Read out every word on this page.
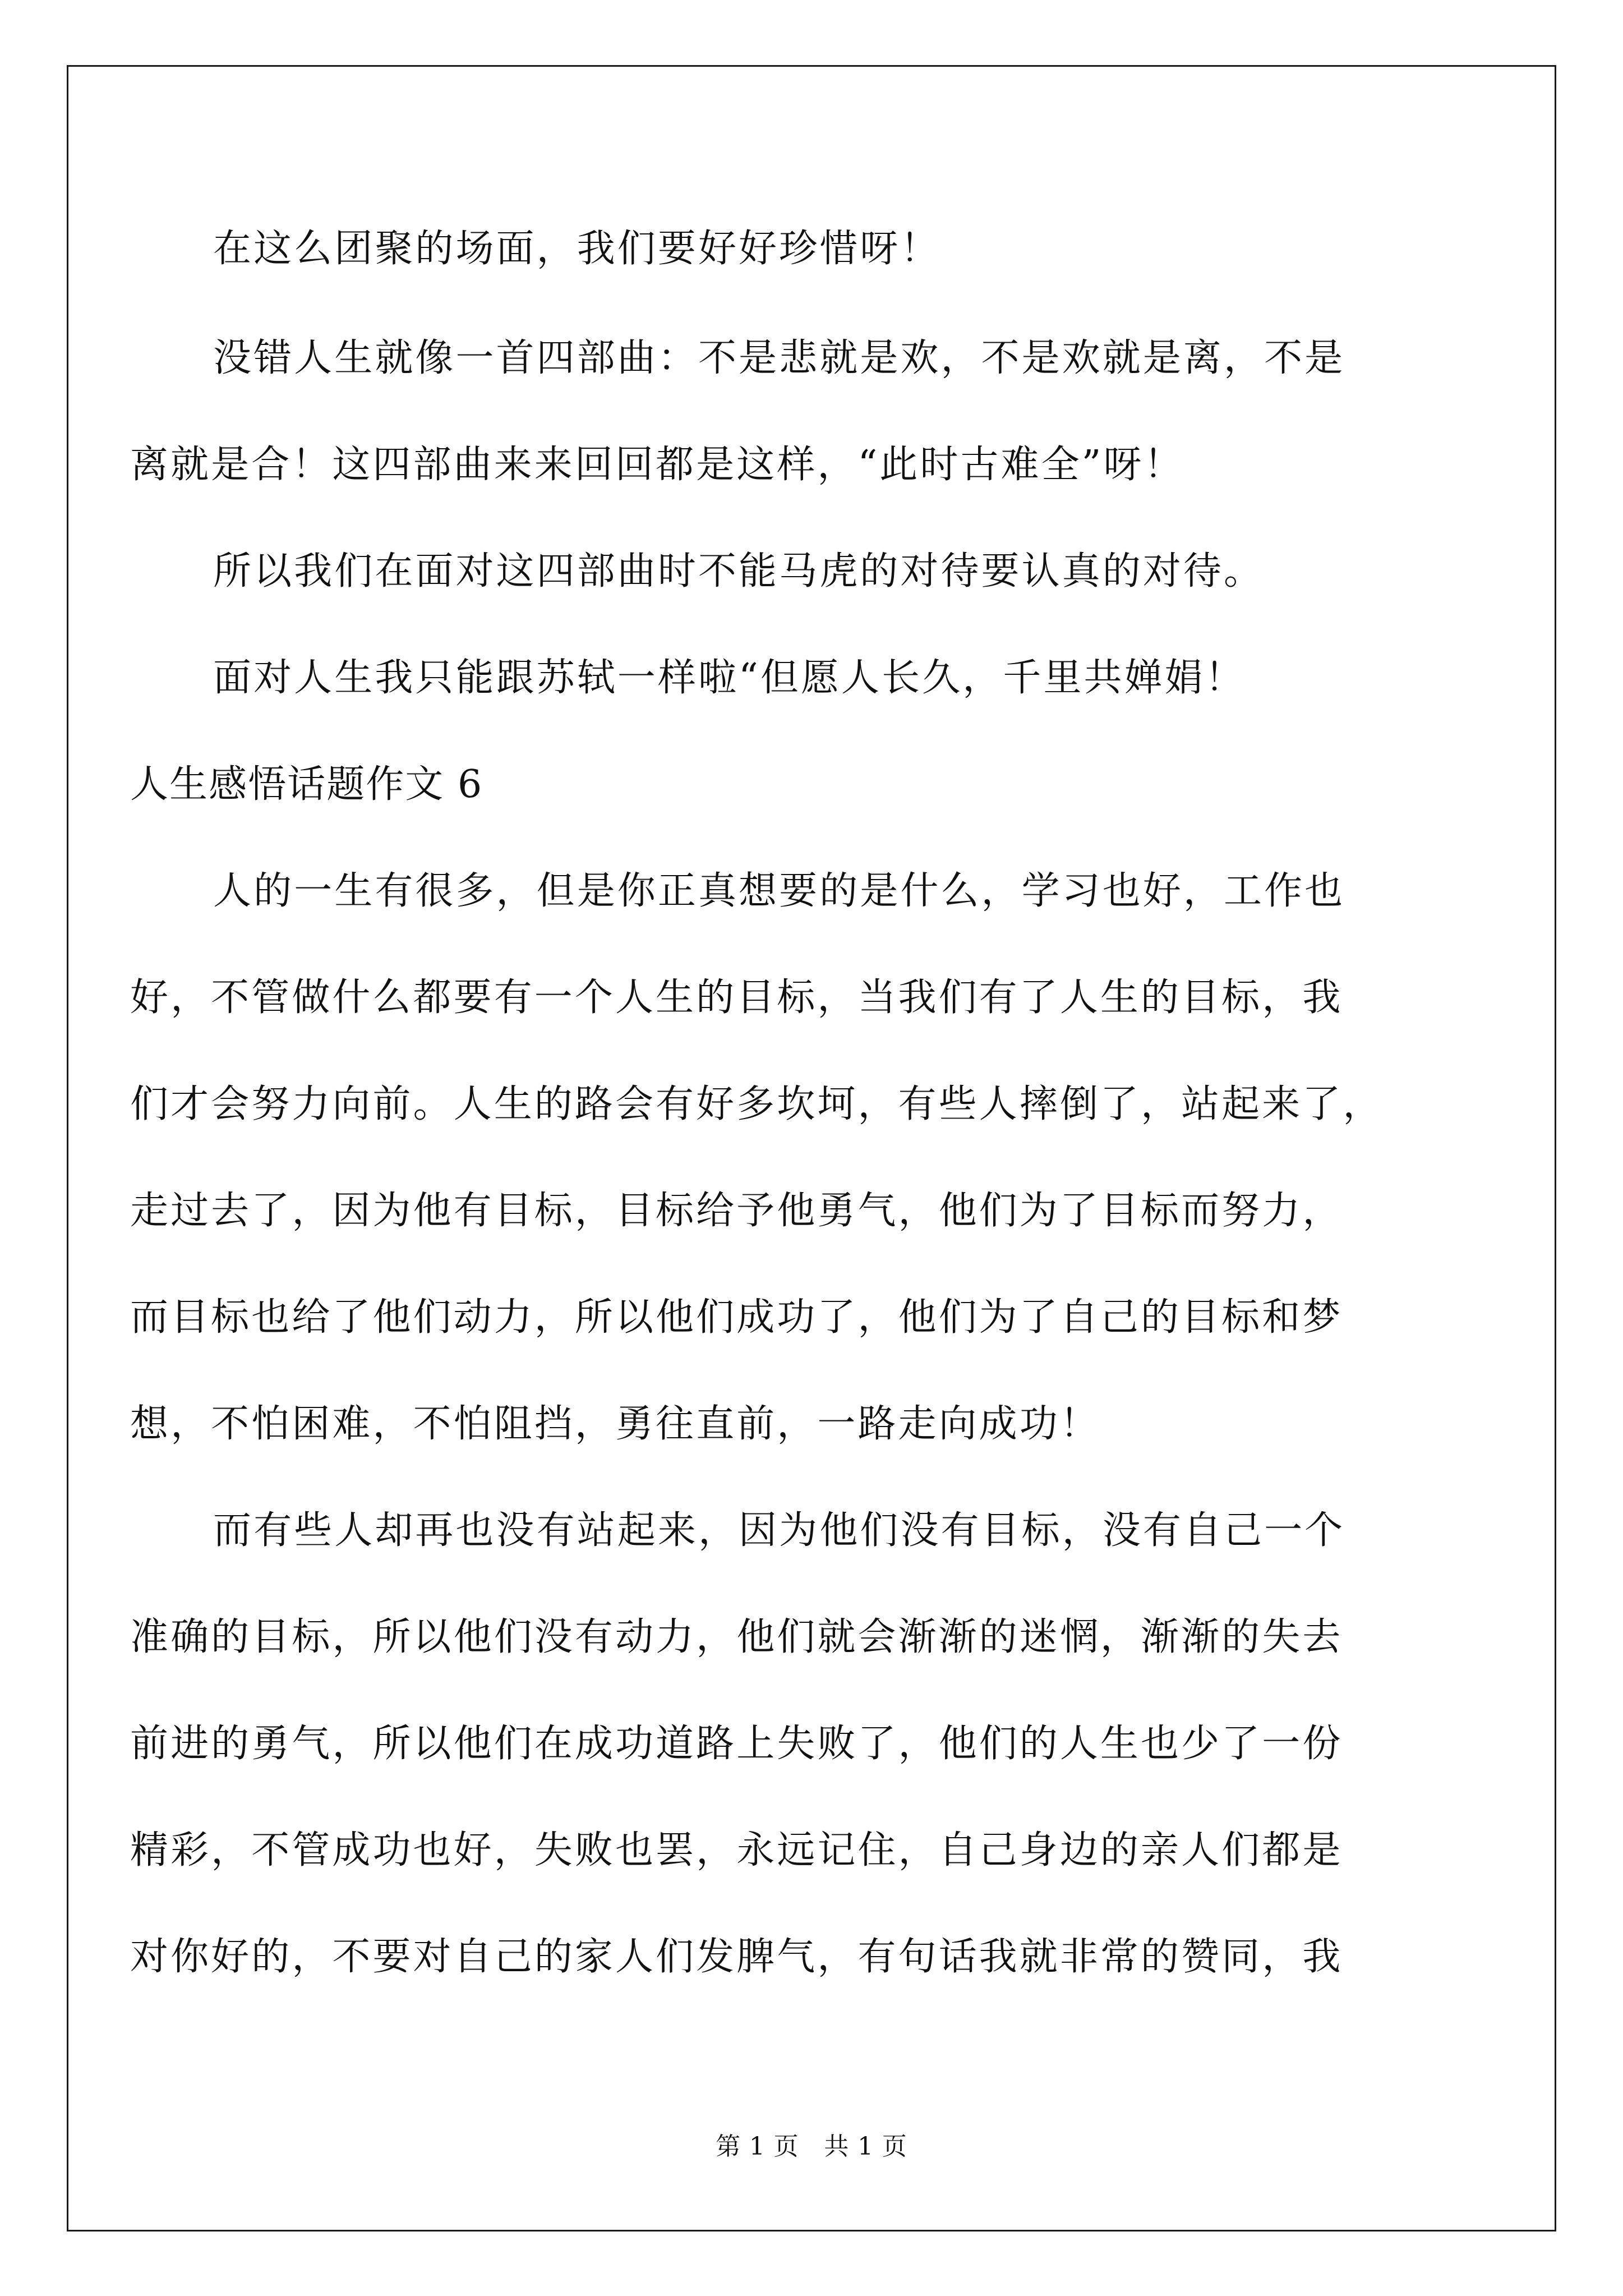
在这么团聚的场面，我们要好好珍惜呀！
没错人生就像一首四部曲：不是悲就是欢，不是欢就是离，不是
离就是合！这四部曲来来回回都是这样，“此时古难全”呀！
所以我们在面对这四部曲时不能马虎的对待要认真的对待。
面对人生我只能跟苏轼一样啦“但愿人长久，千里共婵娟！
人生感悟话题作文 6
人的一生有很多，但是你正真想要的是什么，学习也好，工作也
好，不管做什么都要有一个人生的目标，当我们有了人生的目标，我
们才会努力向前。人生的路会有好多坎坷，有些人摔倒了，站起来了，
走过去了，因为他有目标，目标给予他勇气，他们为了目标而努力，
而目标也给了他们动力，所以他们成功了，他们为了自己的目标和梦
想，不怕困难，不怕阻挡，勇往直前，一路走向成功！
而有些人却再也没有站起来，因为他们没有目标，没有自己一个
准确的目标，所以他们没有动力，他们就会渐渐的迷惘，渐渐的失去
前进的勇气，所以他们在成功道路上失败了，他们的人生也少了一份
精彩，不管成功也好，失败也罢，永远记住，自己身边的亲人们都是
对你好的，不要对自己的家人们发脾气，有句话我就非常的赞同，我
第 1 页　共 1 页
